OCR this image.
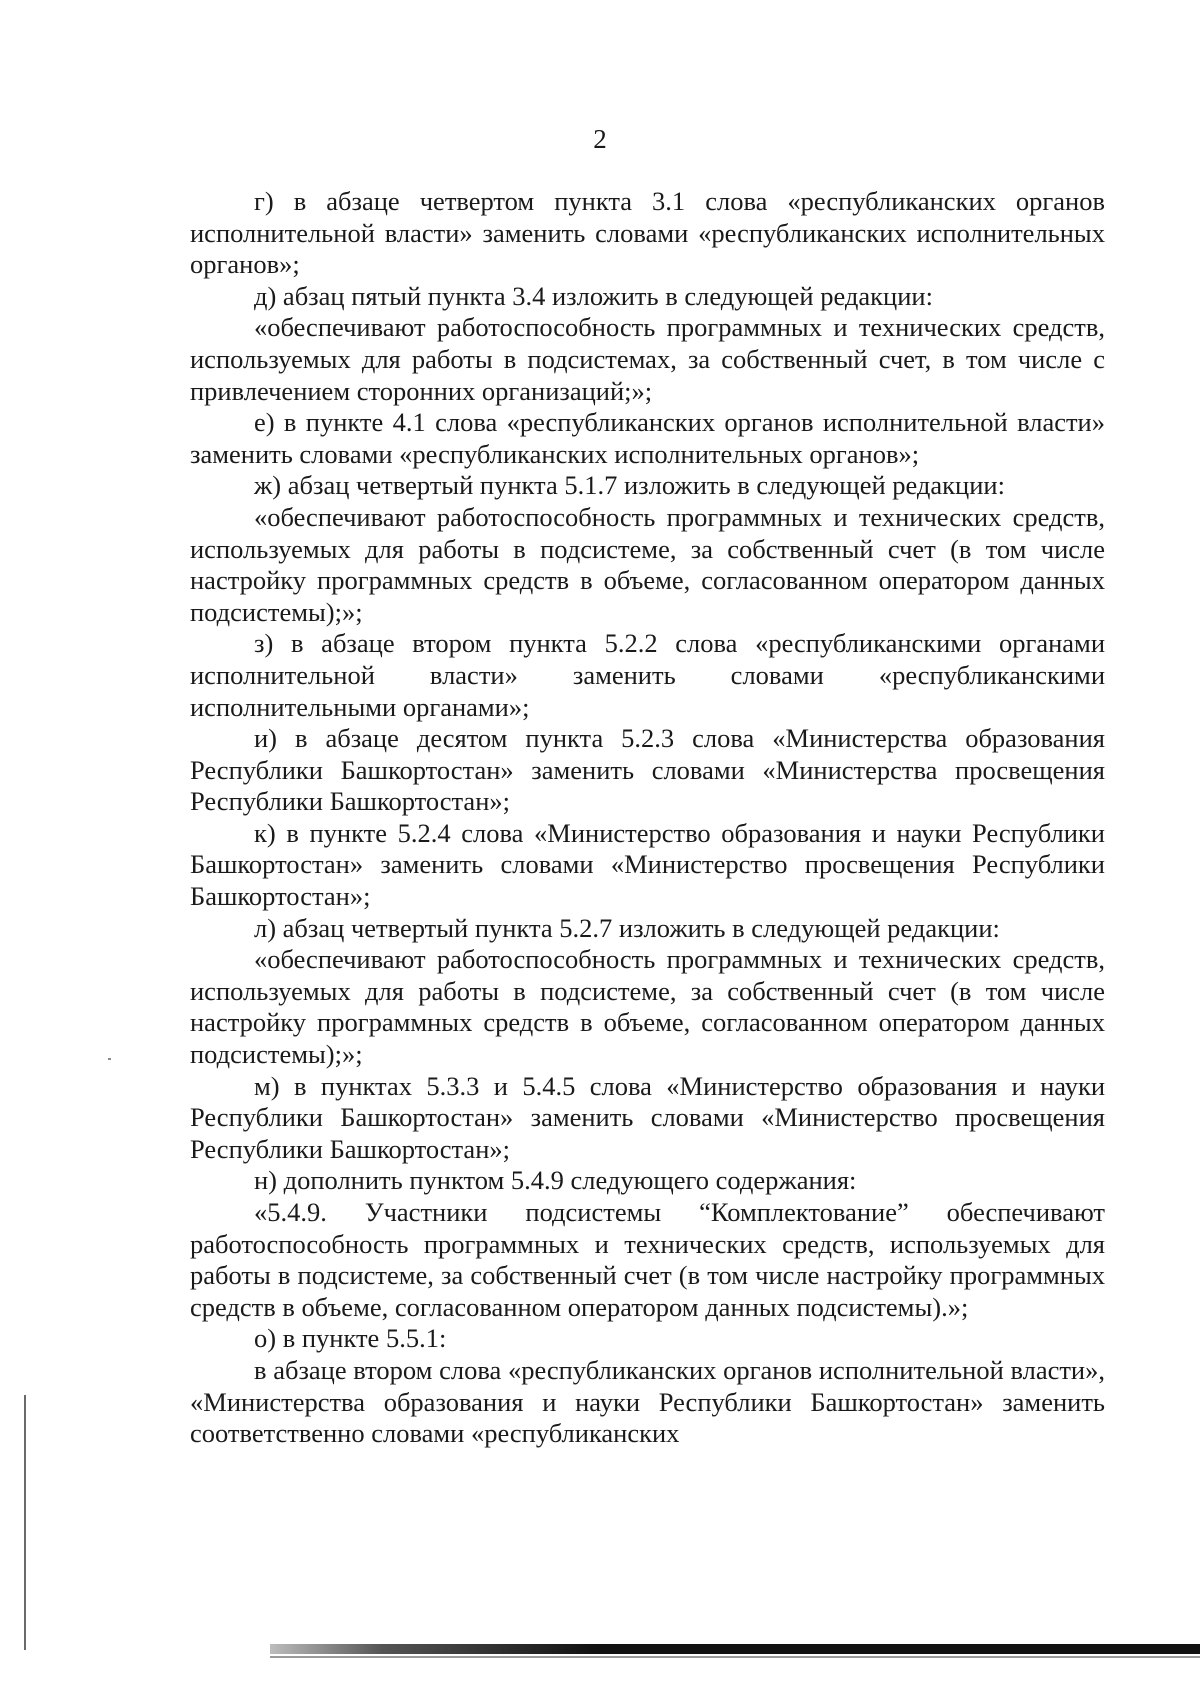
2

г) в абзаце четвертом пункта 3.1 слова «республиканских органов исполнительной власти» заменить словами «республиканских исполнительных органов»;

д) абзац пятый пункта 3.4 изложить в следующей редакции:

«обеспечивают работоспособность программных и технических средств, используемых для работы в подсистемах, за собственный счет, в том числе с привлечением сторонних организаций;»;

е) в пункте 4.1 слова «республиканских органов исполнительной власти» заменить словами «республиканских исполнительных органов»;

ж) абзац четвертый пункта 5.1.7 изложить в следующей редакции:

«обеспечивают работоспособность программных и технических средств, используемых для работы в подсистеме, за собственный счет (в том числе настройку программных средств в объеме, согласованном оператором данных подсистемы);»;

з) в абзаце втором пункта 5.2.2 слова «республиканскими органами исполнительной власти» заменить словами «республиканскими исполнительными органами»;

и) в абзаце десятом пункта 5.2.3 слова «Министерства образования Республики Башкортостан» заменить словами «Министерства просвещения Республики Башкортостан»;

к) в пункте 5.2.4 слова «Министерство образования и науки Республики Башкортостан» заменить словами «Министерство просвещения Республики Башкортостан»;

л) абзац четвертый пункта 5.2.7 изложить в следующей редакции:

«обеспечивают работоспособность программных и технических средств, используемых для работы в подсистеме, за собственный счет (в том числе настройку программных средств в объеме, согласованном оператором данных подсистемы);»;

м) в пунктах 5.3.3 и 5.4.5 слова «Министерство образования и науки Республики Башкортостан» заменить словами «Министерство просвещения Республики Башкортостан»;

н) дополнить пунктом 5.4.9 следующего содержания:

«5.4.9. Участники подсистемы “Комплектование” обеспечивают работоспособность программных и технических средств, используемых для работы в подсистеме, за собственный счет (в том числе настройку программных средств в объеме, согласованном оператором данных подсистемы).»;

о) в пункте 5.5.1:

в абзаце втором слова «республиканских органов исполнительной власти», «Министерства образования и науки Республики Башкортостан» заменить соответственно словами «республиканских
